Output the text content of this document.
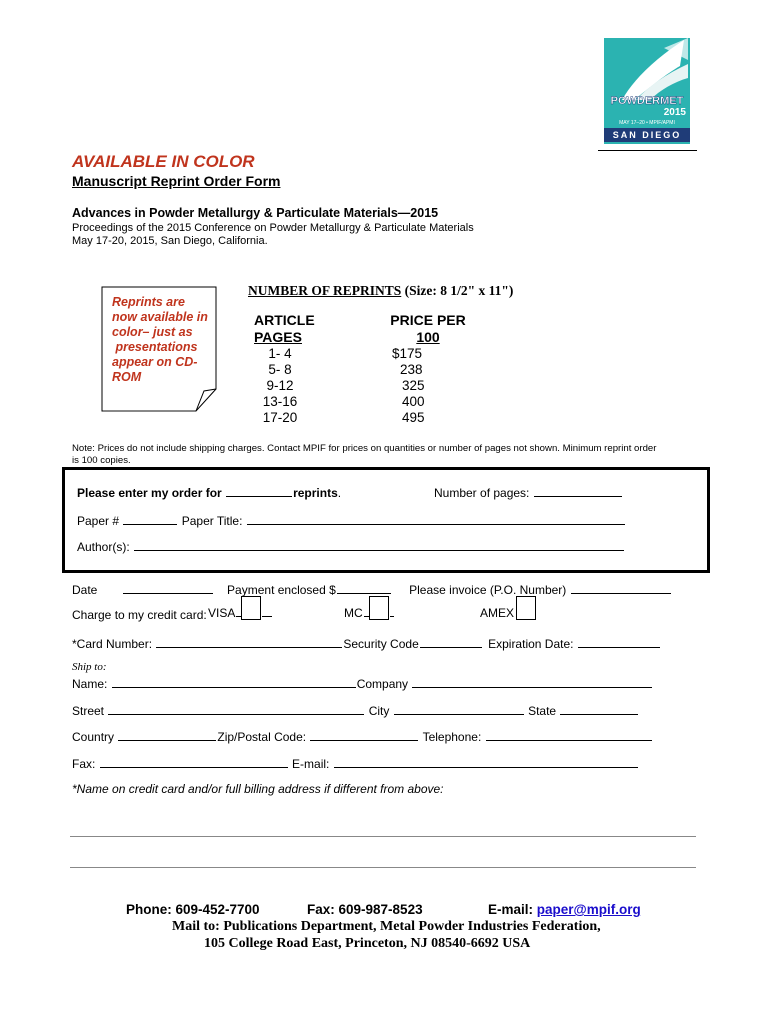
POWDERMET
2015
MAY 17–20 • MPIF/APMI
SAN DIEGO
AVAILABLE IN COLOR
Manuscript Reprint Order Form
Advances in Powder Metallurgy & Particulate Materials—2015
Proceedings of the 2015 Conference on Powder Metallurgy & Particulate Materials
May 17-20, 2015, San Diego, California.
Reprints are
now available in
color– just as
presentations
appear on CD-
ROM
NUMBER OF REPRINTS (Size: 8 1/2" x 11")
ARTICLE
PAGES
PRICE PER
100
1- 4	$175
5- 8	238
9-12	325
13-16	400
17-20	495
Note: Prices do not include shipping charges. Contact MPIF for prices on quantities or number of pages not shown. Minimum reprint order
is 100 copies.
Please enter my order for	reprints.	Number of pages:
Paper #	Paper Title:
Author(s):
Date	Payment enclosed $	Please invoice (P.O. Number)
Charge to my credit card: VISA	MC	AMEX
*Card Number:	Security Code	Expiration Date:
Ship to:
Name:	Company
Street	City	State
Country	Zip/Postal Code:	Telephone:
Fax:	E-mail:
*Name on credit card and/or full billing address if different from above:
Phone: 609-452-7700	Fax: 609-987-8523	E-mail: paper@mpif.org
Mail to: Publications Department, Metal Powder Industries Federation,
105 College Road East, Princeton, NJ 08540-6692 USA
